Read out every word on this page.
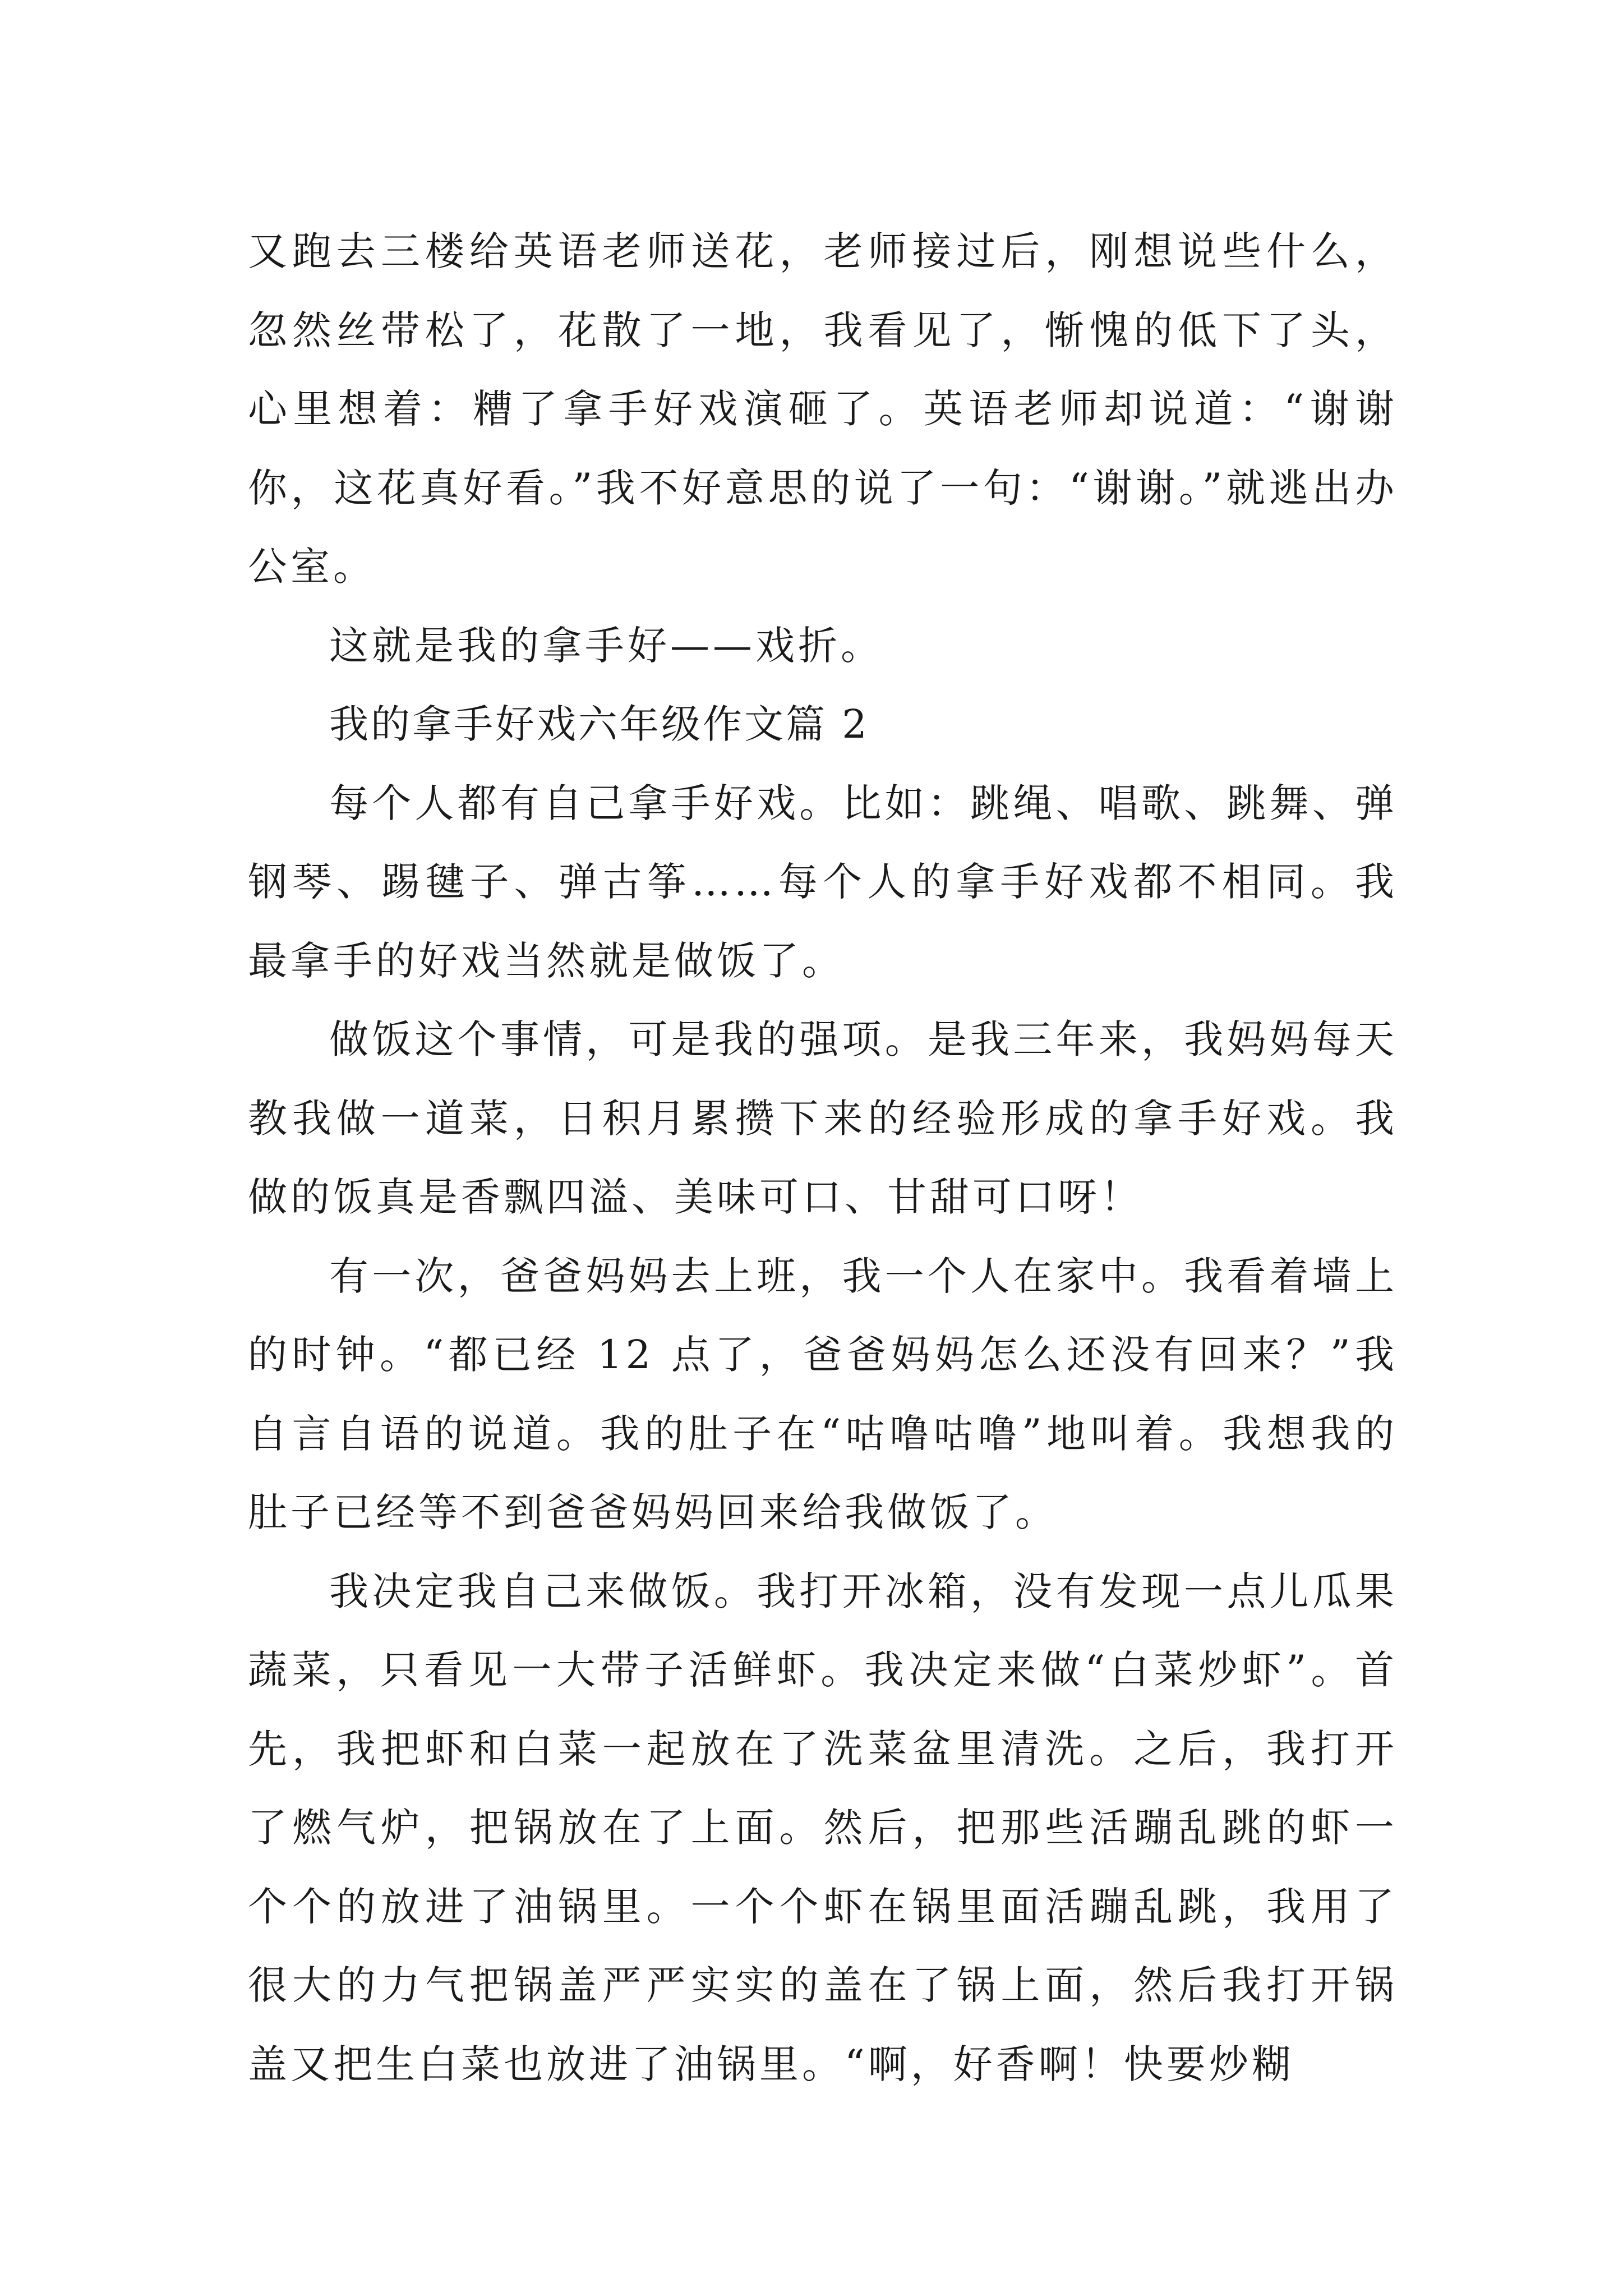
又跑去三楼给英语老师送花，老师接过后，刚想说些什么，忽然丝带松了，花散了一地，我看见了，惭愧的低下了头，心里想着：糟了拿手好戏演砸了。英语老师却说道：“谢谢你，这花真好看。”我不好意思的说了一句：“谢谢。”就逃出办公室。

这就是我的拿手好——戏折。

我的拿手好戏六年级作文篇 2

每个人都有自己拿手好戏。比如：跳绳、唱歌、跳舞、弹钢琴、踢毽子、弹古筝……每个人的拿手好戏都不相同。我最拿手的好戏当然就是做饭了。

做饭这个事情，可是我的强项。是我三年来，我妈妈每天教我做一道菜，日积月累攒下来的经验形成的拿手好戏。我做的饭真是香飘四溢、美味可口、甘甜可口呀！

有一次，爸爸妈妈去上班，我一个人在家中。我看着墙上的时钟。“都已经 12 点了，爸爸妈妈怎么还没有回来？”我自言自语的说道。我的肚子在“咕噜咕噜”地叫着。我想我的肚子已经等不到爸爸妈妈回来给我做饭了。

我决定我自己来做饭。我打开冰箱，没有发现一点儿瓜果蔬菜，只看见一大带子活鲜虾。我决定来做“白菜炒虾”。首先，我把虾和白菜一起放在了洗菜盆里清洗。之后，我打开了燃气炉，把锅放在了上面。然后，把那些活蹦乱跳的虾一个个的放进了油锅里。一个个虾在锅里面活蹦乱跳，我用了很大的力气把锅盖严严实实的盖在了锅上面，然后我打开锅盖又把生白菜也放进了油锅里。“啊，好香啊！快要炒糊
